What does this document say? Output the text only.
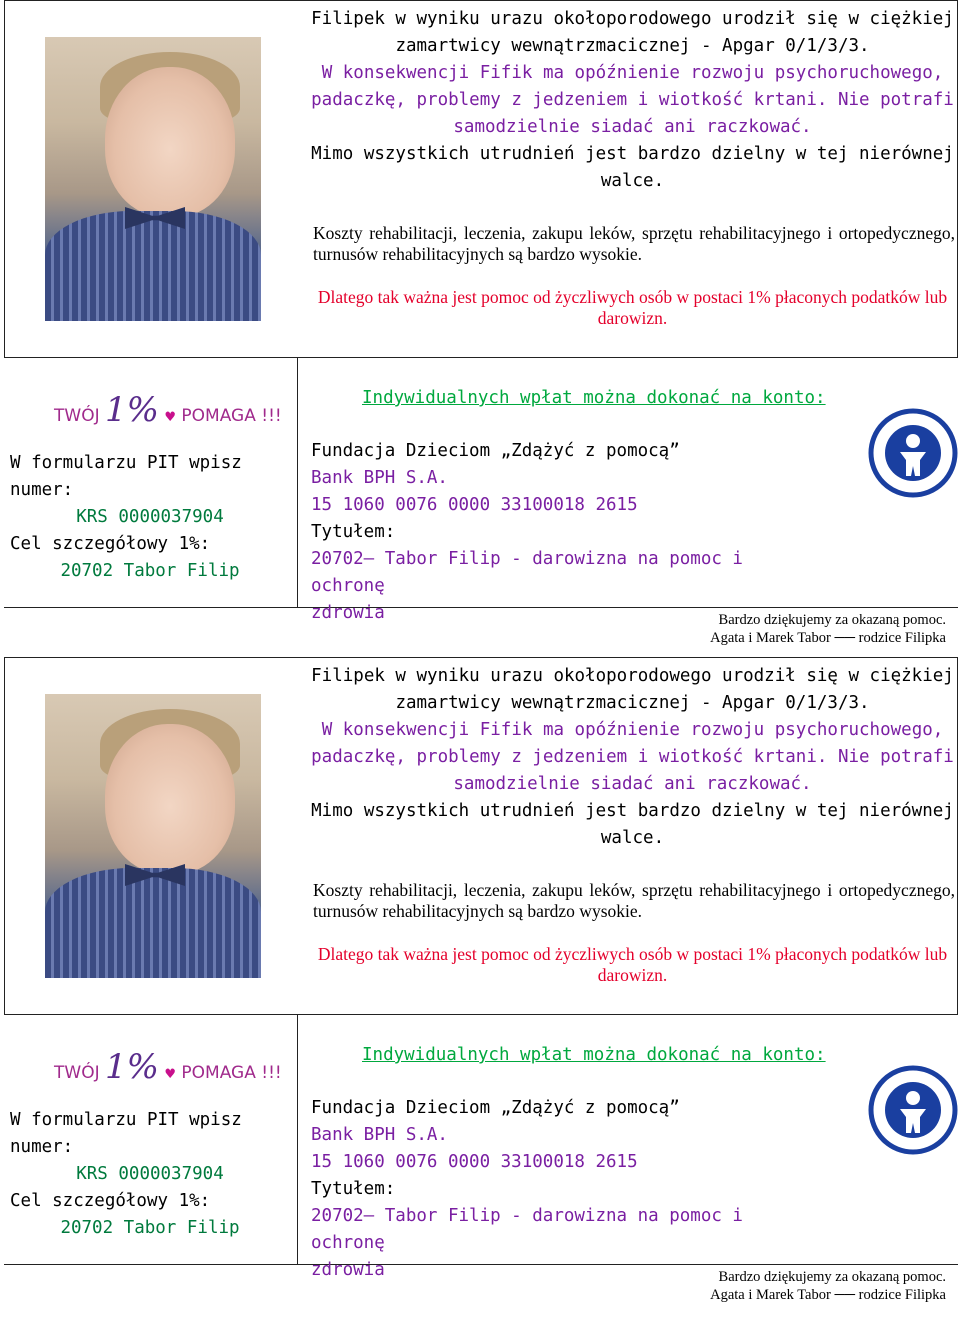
Filipek w wyniku urazu okołoporodowego urodził się w ciężkiej
zamartwicy wewnątrzmacicznej - Apgar 0/1/3/3.
W konsekwencji Fifik ma opóźnienie rozwoju psychoruchowego,
padaczkę, problemy z jedzeniem i wiotkość krtani. Nie potrafi
samodzielnie siadać ani raczkować.
Mimo wszystkich utrudnień jest bardzo dzielny w tej nierównej
walce.
Koszty rehabilitacji, leczenia, zakupu leków, sprzętu rehabilitacyjnego i ortopedycznego, turnusów rehabilitacyjnych są bardzo wysokie.
Dlatego tak ważna jest pomoc od życzliwych osób w postaci 1% płaconych podatków lub darowizn.
TWÓJ 1% ♥ POMAGA !!!
W formularzu PIT wpisz
numer:
KRS 0000037904
Cel szczegółowy 1%:
20702 Tabor Filip
Indywidualnych wpłat można dokonać na konto:
Fundacja Dzieciom „Zdążyć z pomocą”
Bank BPH S.A.
15 1060 0076 0000 33100018 2615
Tytułem:
20702– Tabor Filip - darowizna na pomoc i ochronę
zdrowia	Bardzo dziękujemy za okazaną pomoc.
Agata i Marek Tabor ── rodzice Filipka
Filipek w wyniku urazu okołoporodowego urodził się w ciężkiej
zamartwicy wewnątrzmacicznej - Apgar 0/1/3/3.
W konsekwencji Fifik ma opóźnienie rozwoju psychoruchowego,
padaczkę, problemy z jedzeniem i wiotkość krtani. Nie potrafi
samodzielnie siadać ani raczkować.
Mimo wszystkich utrudnień jest bardzo dzielny w tej nierównej
walce.
Koszty rehabilitacji, leczenia, zakupu leków, sprzętu rehabilitacyjnego i ortopedycznego, turnusów rehabilitacyjnych są bardzo wysokie.
Dlatego tak ważna jest pomoc od życzliwych osób w postaci 1% płaconych podatków lub darowizn.
TWÓJ 1% ♥ POMAGA !!!
W formularzu PIT wpisz
numer:
KRS 0000037904
Cel szczegółowy 1%:
20702 Tabor Filip
Indywidualnych wpłat można dokonać na konto:
Fundacja Dzieciom „Zdążyć z pomocą”
Bank BPH S.A.
15 1060 0076 0000 33100018 2615
Tytułem:
20702– Tabor Filip - darowizna na pomoc i ochronę
zdrowia	Bardzo dziękujemy za okazaną pomoc.
Agata i Marek Tabor ── rodzice Filipka
